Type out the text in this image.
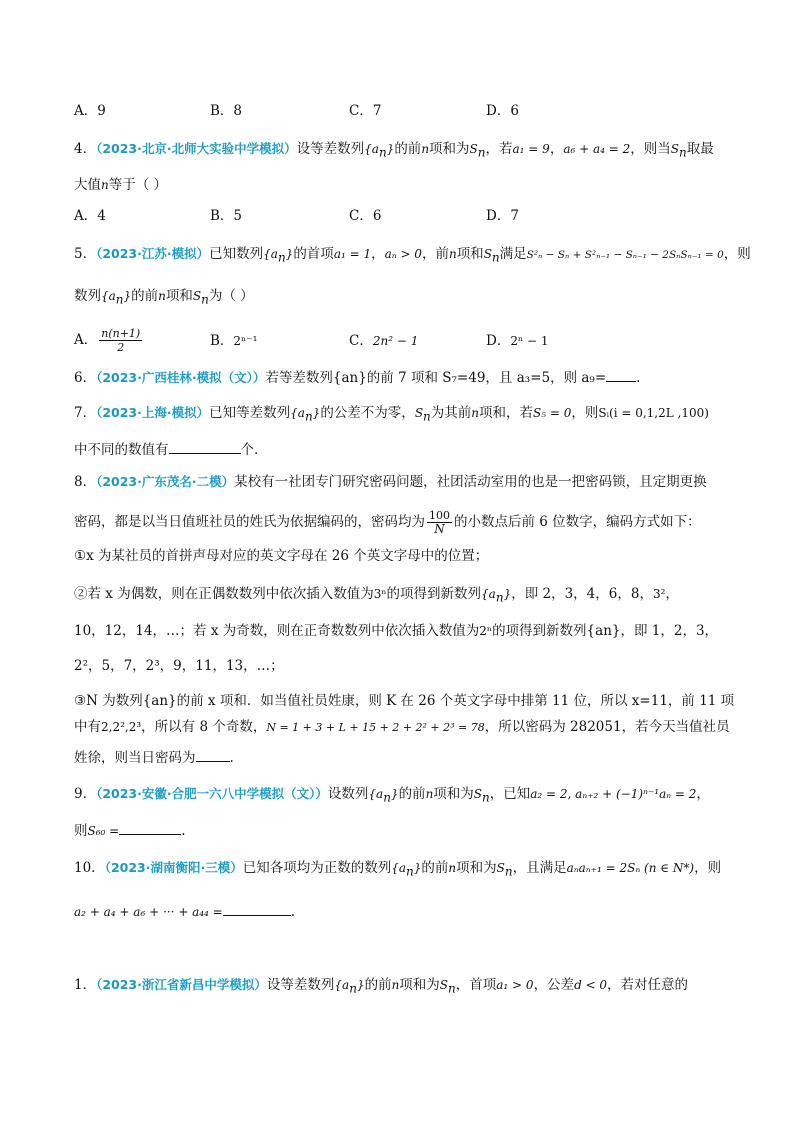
A．9	B．8	C．7	D．6
4．（2023·北京·北师大实验中学模拟）设等差数列$\{a_n\}$的前n项和为$S_n$，若a₁ = 9，a₆ + a₄ = 2，则当$S_n$取最
大值n等于（ ）
A．4	B．5	C．6	D．7
5．（2023·江苏·模拟）已知数列$\{a_n\}$的首项a₁ = 1，aₙ > 0，前n项和$S_n$满足S²ₙ − Sₙ + S²ₙ₋₁ − Sₙ₋₁ − 2SₙSₙ₋₁ = 0，则
数列$\{a_n\}$的前n项和$S_n$为（ ）
A． $\frac{n(n+1)}{2}$	B．2ⁿ⁻¹	C．2n² − 1	D．2ⁿ − 1
6．（2023·广西桂林·模拟（文））若等差数列{an}的前 7 项和 S₇=49，且 a₃=5，则 a₉= .
7．（2023·上海·模拟）已知等差数列$\{a_n\}$的公差不为零，$S_n$为其前n项和，若S₅ = 0，则Sᵢ(i = 0,1,2L ,100)
中不同的数值有	个.
8．（2023·广东茂名·二模）某校有一社团专门研究密码问题，社团活动室用的也是一把密码锁，且定期更换
密码，都是以当日值班社员的姓氏为依据编码的，密码均为 $\frac{100}{N}$ 的小数点后前 6 位数字，编码方式如下：
①x 为某社员的首拼声母对应的英文字母在 26 个英文字母中的位置；
②若 x 为偶数，则在正偶数数列中依次插入数值为3ⁿ的项得到新数列$\{a_n\}$，即 2，3，4，6，8，3²，
10，12，14，…；若 x 为奇数，则在正奇数数列中依次插入数值为2ⁿ的项得到新数列{an}，即 1，2，3，
2²，5，7，2³，9，11，13，…；
③N 为数列{an}的前 x 项和．如当值社员姓康，则 K 在 26 个英文字母中排第 11 位，所以 x=11，前 11 项
中有2,2²,2³，所以有 8 个奇数，N = 1 + 3 + L + 15 + 2 + 2² + 2³ = 78，所以密码为 282051，若今天当值社员
姓徐，则当日密码为	.
9．（2023·安徽·合肥一六八中学模拟（文））设数列$\{a_n\}$的前n项和为$S_n$，已知a₂ = 2, aₙ₊₂ + (−1)ⁿ⁻¹aₙ = 2，
则S₆₀ =	.
10．（2023·湖南衡阳·三模）已知各项均为正数的数列$\{a_n\}$的前n项和为$S_n$，且满足aₙaₙ₊₁ = 2Sₙ (n ∈ N*)，则
a₂ + a₄ + a₆ + ··· + a₄₄ =	.
1．（2023·浙江省新昌中学模拟）设等差数列$\{a_n\}$的前n项和为$S_n$，首项a₁ > 0，公差d < 0，若对任意的
